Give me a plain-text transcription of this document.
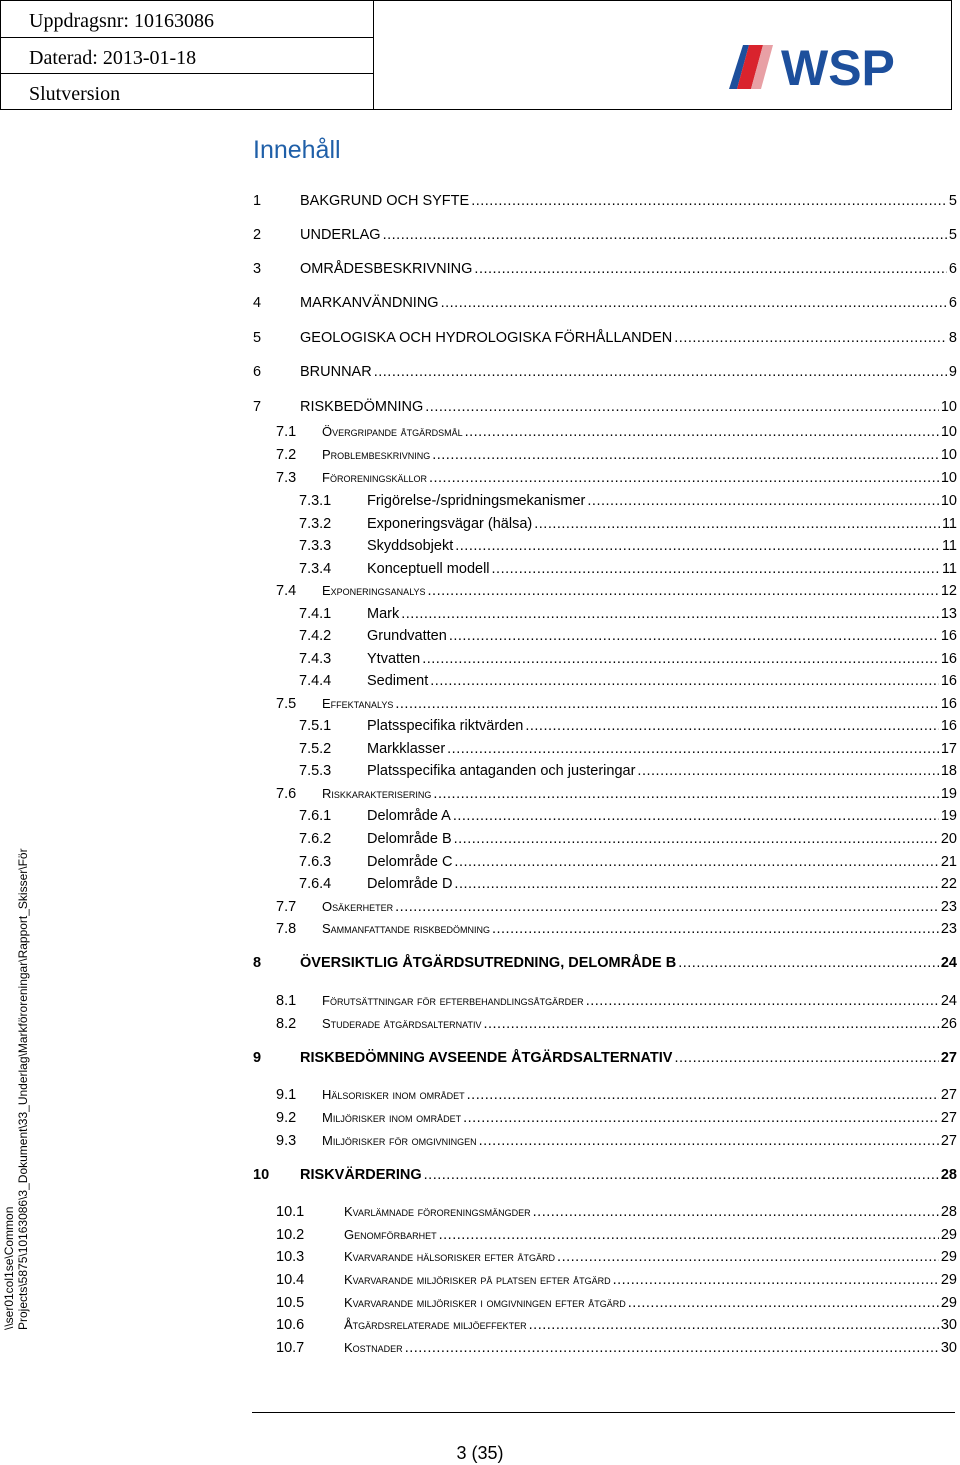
Uppdragsnr: 10163086
Daterad: 2013-01-18
Slutversion	WSP
Innehåll
1	BAKGRUND OCH SYFTE .....	5
2	UNDERLAG .....	5
3	OMRÅDESBESKRIVNING .....	6
4	MARKANVÄNDNING .....	6
5	GEOLOGISKA OCH HYDROLOGISKA FÖRHÅLLANDEN .....	8
6	BRUNNAR .....	9
7	RISKBEDÖMNING .....	10
7.1 Övergripande åtgärdsmål .....	10
7.2 Problembeskrivning .....	10
7.3 Föroreningskällor .....	10
7.3.1 Frigörelse-/spridningsmekanismer .....	10
7.3.2 Exponeringsvägar (hälsa) .....	11
7.3.3 Skyddsobjekt .....	11
7.3.4 Konceptuell modell .....	11
7.4 Exponeringsanalys .....	12
7.4.1 Mark .....	13
7.4.2 Grundvatten .....	16
7.4.3 Ytvatten .....	16
7.4.4 Sediment .....	16
7.5 Effektanalys .....	16
7.5.1 Platsspecifika riktvärden .....	16
7.5.2 Markklasser .....	17
7.5.3 Platsspecifika antaganden och justeringar .....	18
7.6 Riskkarakterisering .....	19
7.6.1 Delområde A .....	19
7.6.2 Delområde B .....	20
7.6.3 Delområde C .....	21
7.6.4 Delområde D .....	22
7.7 Osäkerheter .....	23
7.8 Sammanfattande riskbedömning .....	23
8	ÖVERSIKTLIG ÅTGÄRDSUTREDNING, DELOMRÅDE B .....	24
8.1 Förutsättningar för efterbehandlingsåtgärder .....	24
8.2 Studerade åtgärdsalternativ .....	26
9	RISKBEDÖMNING AVSEENDE ÅTGÄRDSALTERNATIV .....	27
9.1 Hälsorisker inom området .....	27
9.2 Miljörisker inom området .....	27
9.3 Miljörisker för omgivningen .....	27
10 RISKVÄRDERING .....	28
10.1	Kvarlämnade föroreningsmängder .....	28
10.2	Genomförbarhet .....	29
10.3	Kvarvarande hälsorisker efter åtgärd .....	29
10.4	Kvarvarande miljörisker på platsen efter åtgärd .....	29
10.5	Kvarvarande miljörisker i omgivningen efter åtgärd .....	29
10.6	Åtgärdsrelaterade miljöeffekter .....	30
10.7	Kostnader .....	30
\\ser01col1se\Common Projects\5875\10163086\3_Dokument\33_Underlag\Markföroreningar\Rapport_Skisser\För
3 (35)
